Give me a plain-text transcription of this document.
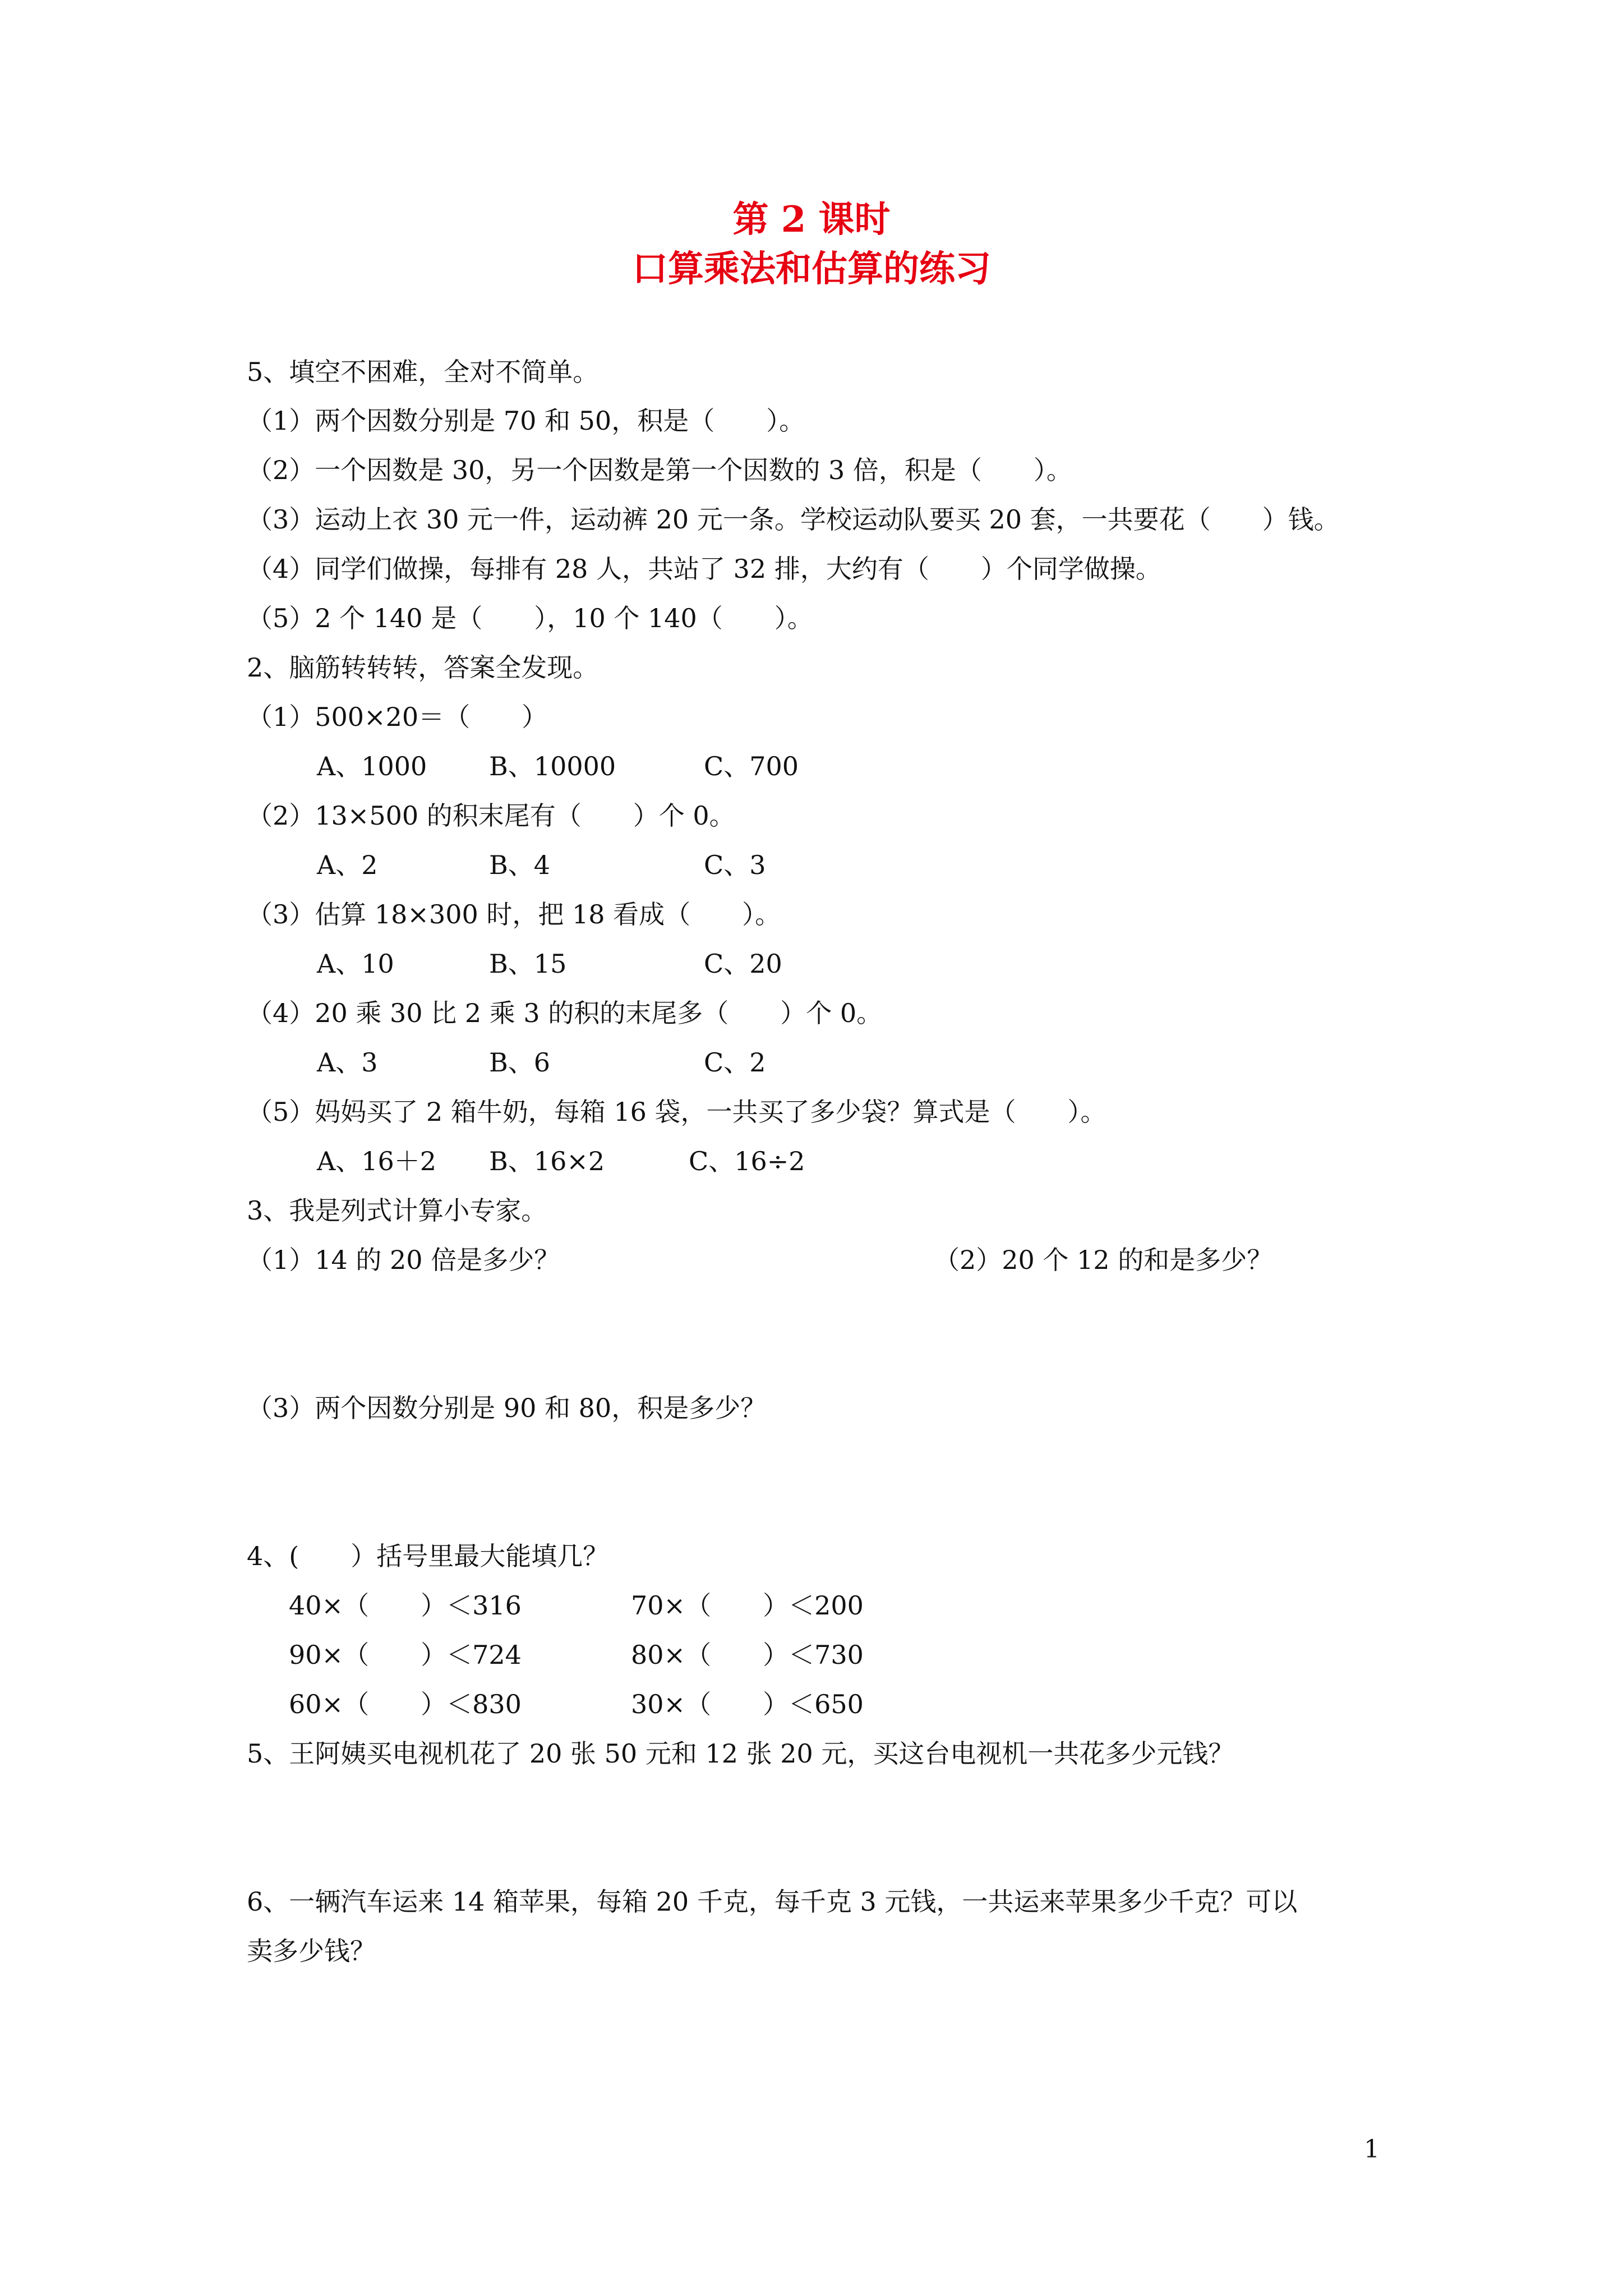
第 2 课时
口算乘法和估算的练习
5、填空不困难，全对不简单。
（1）两个因数分别是 70 和 50，积是（　　）。
（2）一个因数是 30，另一个因数是第一个因数的 3 倍，积是（　　）。
（3）运动上衣 30 元一件，运动裤 20 元一条。学校运动队要买 20 套，一共要花（　　）钱。
（4）同学们做操，每排有 28 人，共站了 32 排，大约有（　　）个同学做操。
（5）2 个 140 是（　　），10 个 140（　　）。
2、脑筋转转转，答案全发现。
（1）500×20＝（　　）
A、1000 B、10000	C、700
（2）13×500 的积末尾有（　　）个 0。
A、2	B、4	C、3
（3）估算 18×300 时，把 18 看成（　　）。
A、10	B、15	C、20
（4）20 乘 30 比 2 乘 3 的积的末尾多（　　）个 0。
A、3	B、6	C、2
（5）妈妈买了 2 箱牛奶，每箱 16 袋，一共买了多少袋？算式是（　　）。
A、16＋2 B、16×2	C、16÷2
3、我是列式计算小专家。
（1）14 的 20 倍是多少？	（2）20 个 12 的和是多少？
（3）两个因数分别是 90 和 80，积是多少？
4、(　　）括号里最大能填几？
40×（　　）＜316	70×（　　）＜200
90×（　　）＜724	80×（　　）＜730
60×（　　）＜830	30×（　　）＜650
5、王阿姨买电视机花了 20 张 50 元和 12 张 20 元，买这台电视机一共花多少元钱？
6、一辆汽车运来 14 箱苹果，每箱 20 千克，每千克 3 元钱，一共运来苹果多少千克？可以
卖多少钱？
1
